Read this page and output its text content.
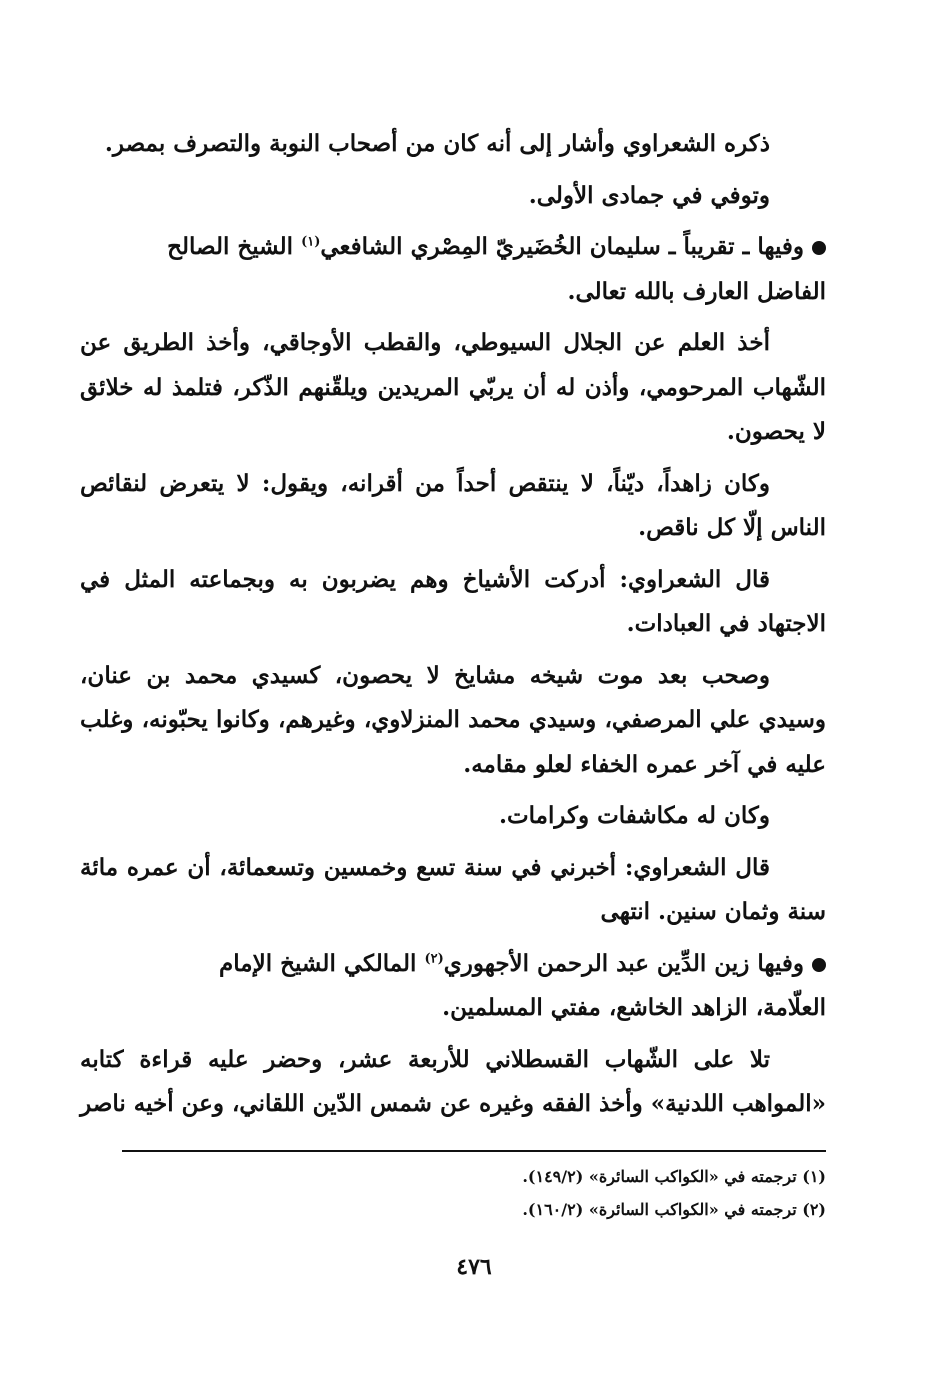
ذكره الشعراوي وأشار إلى أنه كان من أصحاب النوبة والتصرف بمصر.

وتوفي في جمادى الأولى.

وفيها ـ تقريباً ـ سليمان الخُضَيريّ المِصْري الشافعي$^{(١)}$ الشيخ الصالح
الفاضل العارف بالله تعالى.

أخذ العلم عن الجلال السيوطي، والقطب الأوجاقي، وأخذ الطريق عن الشّهاب المرحومي، وأذن له أن يربّي المريدين ويلقّنهم الذّكر، فتلمذ له خلائق لا يحصون.

وكان زاهداً، ديّناً، لا ينتقص أحداً من أقرانه، ويقول: لا يتعرض لنقائص الناس إلّا كل ناقص.

قال الشعراوي: أدركت الأشياخ وهم يضربون به وبجماعته المثل في الاجتهاد في العبادات.

وصحب بعد موت شيخه مشايخ لا يحصون، كسيدي محمد بن عنان، وسيدي علي المرصفي، وسيدي محمد المنزلاوي، وغيرهم، وكانوا يحبّونه، وغلب عليه في آخر عمره الخفاء لعلو مقامه.

وكان له مكاشفات وكرامات.

قال الشعراوي: أخبرني في سنة تسع وخمسين وتسعمائة، أن عمره مائة سنة وثمان سنين. انتهى

وفيها زين الدِّين عبد الرحمن الأجهوري$^{(٢)}$ المالكي الشيخ الإمام
العلّامة، الزاهد الخاشع، مفتي المسلمين.

تلا على الشّهاب القسطلاني للأربعة عشر، وحضر عليه قراءة كتابه «المواهب اللدنية» وأخذ الفقه وغيره عن شمس الدّين اللقاني، وعن أخيه ناصر

(١) ترجمته في «الكواكب السائرة» (١٤٩/٢).
(٢) ترجمته في «الكواكب السائرة» (١٦٠/٢).
٤٧٦
